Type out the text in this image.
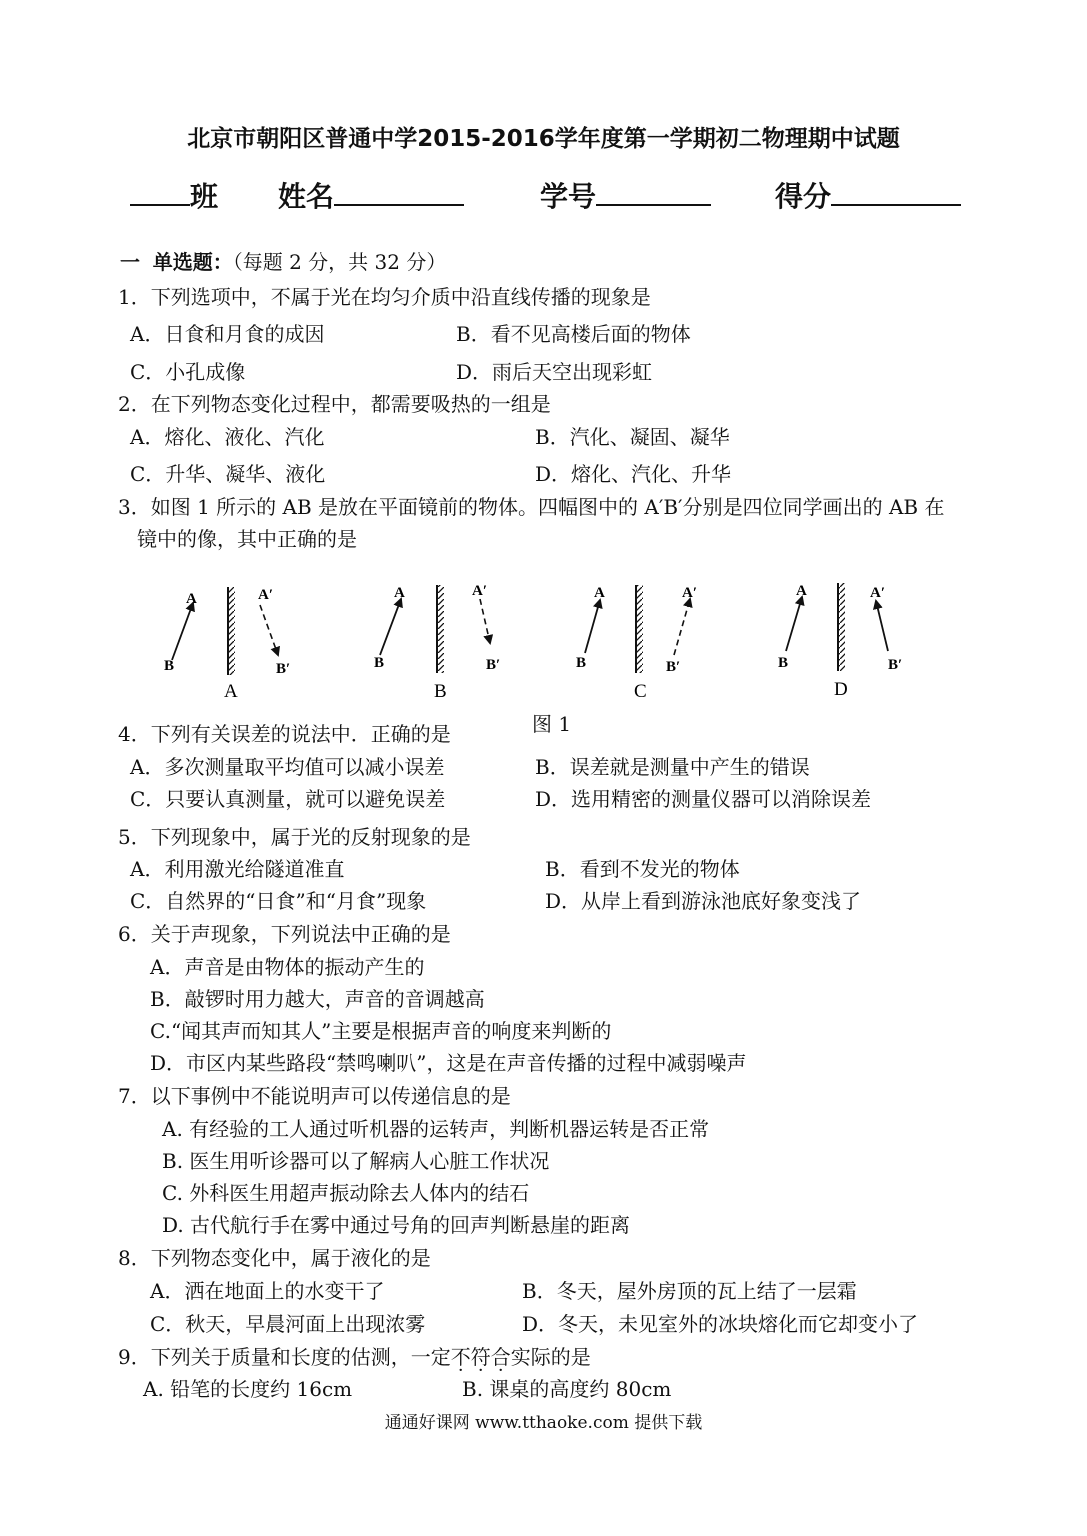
北京市朝阳区普通中学2015-2016学年度第一学期初二物理期中试题
班 姓名	学号	得分
一 单选题：（每题 2 分，共 32 分）
1．下列选项中，不属于光在均匀介质中沿直线传播的现象是
A．日食和月食的成因	B．看不见高楼后面的物体
C．小孔成像	D．雨后天空出现彩虹
2．在下列物态变化过程中，都需要吸热的一组是
A．熔化、液化、汽化	B．汽化、凝固、凝华
C．升华、凝华、液化	D．熔化、汽化、升华
3．如图 1 所示的 AB 是放在平面镜前的物体。四幅图中的 A′B′分别是四位同学画出的 AB 在
镜中的像，其中正确的是
A
B
A′
B′
A
A
B
A′
B′
B
A
B
A′
B′
C
A
B
A′
B′
D
图 1
4．下列有关误差的说法中．正确的是
A．多次测量取平均值可以减小误差	B．误差就是测量中产生的错误
C．只要认真测量，就可以避免误差	D．选用精密的测量仪器可以消除误差
5．下列现象中，属于光的反射现象的是
A．利用激光给隧道准直	B．看到不发光的物体
C．自然界的“日食”和“月食”现象	D．从岸上看到游泳池底好象变浅了
6．关于声现象，下列说法中正确的是
A．声音是由物体的振动产生的
B．敲锣时用力越大，声音的音调越高
C.“闻其声而知其人”主要是根据声音的响度来判断的
D．市区内某些路段“禁鸣喇叭”，这是在声音传播的过程中减弱噪声
7．以下事例中不能说明声可以传递信息的是
A. 有经验的工人通过听机器的运转声，判断机器运转是否正常
B. 医生用听诊器可以了解病人心脏工作状况
C. 外科医生用超声振动除去人体内的结石
D. 古代航行手在雾中通过号角的回声判断悬崖的距离
8．下列物态变化中，属于液化的是
A．洒在地面上的水变干了	B．冬天，屋外房顶的瓦上结了一层霜
C．秋天，早晨河面上出现浓雾	D．冬天，未见室外的冰块熔化而它却变小了
9．下列关于质量和长度的估测，一定不符合实际的是
A. 铅笔的长度约 16cm	B. 课桌的高度约 80cm
通通好课网 www.tthaoke.com 提供下载
